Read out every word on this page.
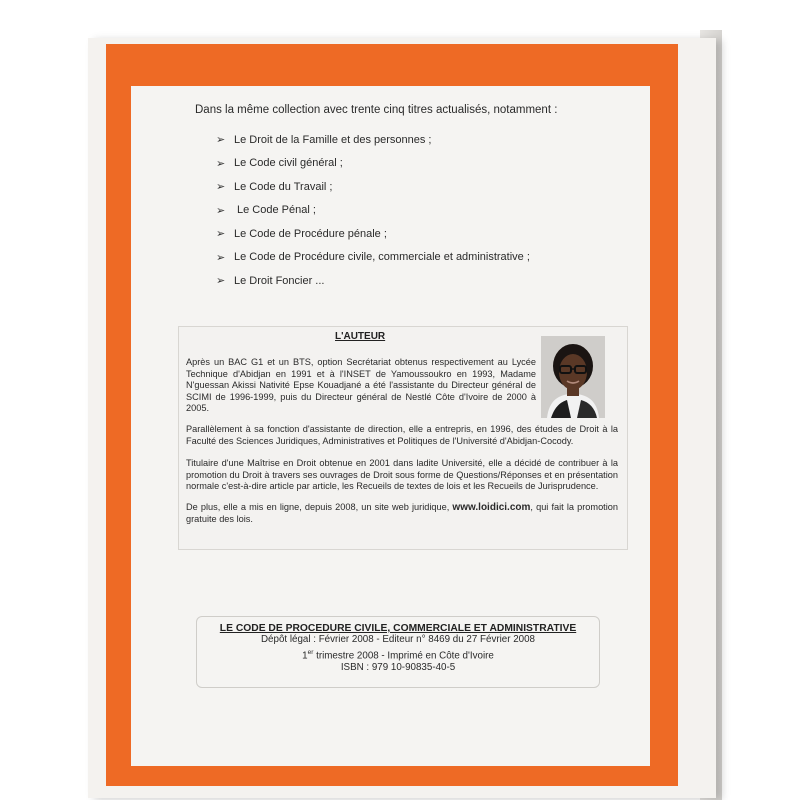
Dans la même collection avec trente cinq titres actualisés, notamment :
➢ Le Droit de la Famille et des personnes ;
➢ Le Code civil général ;
➢ Le Code du Travail ;
➢	Le Code Pénal ;
➢ Le Code de Procédure pénale ;
➢ Le Code de Procédure civile, commerciale et administrative ;
➢ Le Droit Foncier ...
L'AUTEUR

Après un BAC G1 et un BTS, option Secrétariat obtenus respectivement au Lycée Technique d'Abidjan en 1991 et à l'INSET de Yamoussoukro en 1993, Madame N'guessan Akissi Nativité Epse Kouadjané a été l'assistante du Directeur général de SCIMI de 1996-1999, puis du Directeur général de Nestlé Côte d'Ivoire de 2000 à 2005.

Parallèlement à sa fonction d'assistante de direction, elle a entrepris, en 1996, des études de Droit à la Faculté des Sciences Juridiques, Administratives et Politiques de l'Université d'Abidjan-Cocody.

Titulaire d'une Maîtrise en Droit obtenue en 2001 dans ladite Université, elle a décidé de contribuer à la promotion du Droit à travers ses ouvrages de Droit sous forme de Questions/Réponses et en présentation normale c'est-à-dire article par article, les Recueils de textes de lois et les Recueils de Jurisprudence.

De plus, elle a mis en ligne, depuis 2008, un site web juridique, www.loidici.com, qui fait la promotion gratuite des lois.

LE CODE DE PROCEDURE CIVILE, COMMERCIALE ET ADMINISTRATIVE
Dépôt légal : Février 2008 - Editeur n° 8469 du 27 Février 2008
1er trimestre 2008 - Imprimé en Côte d'Ivoire
ISBN : 979 10-90835-40-5
